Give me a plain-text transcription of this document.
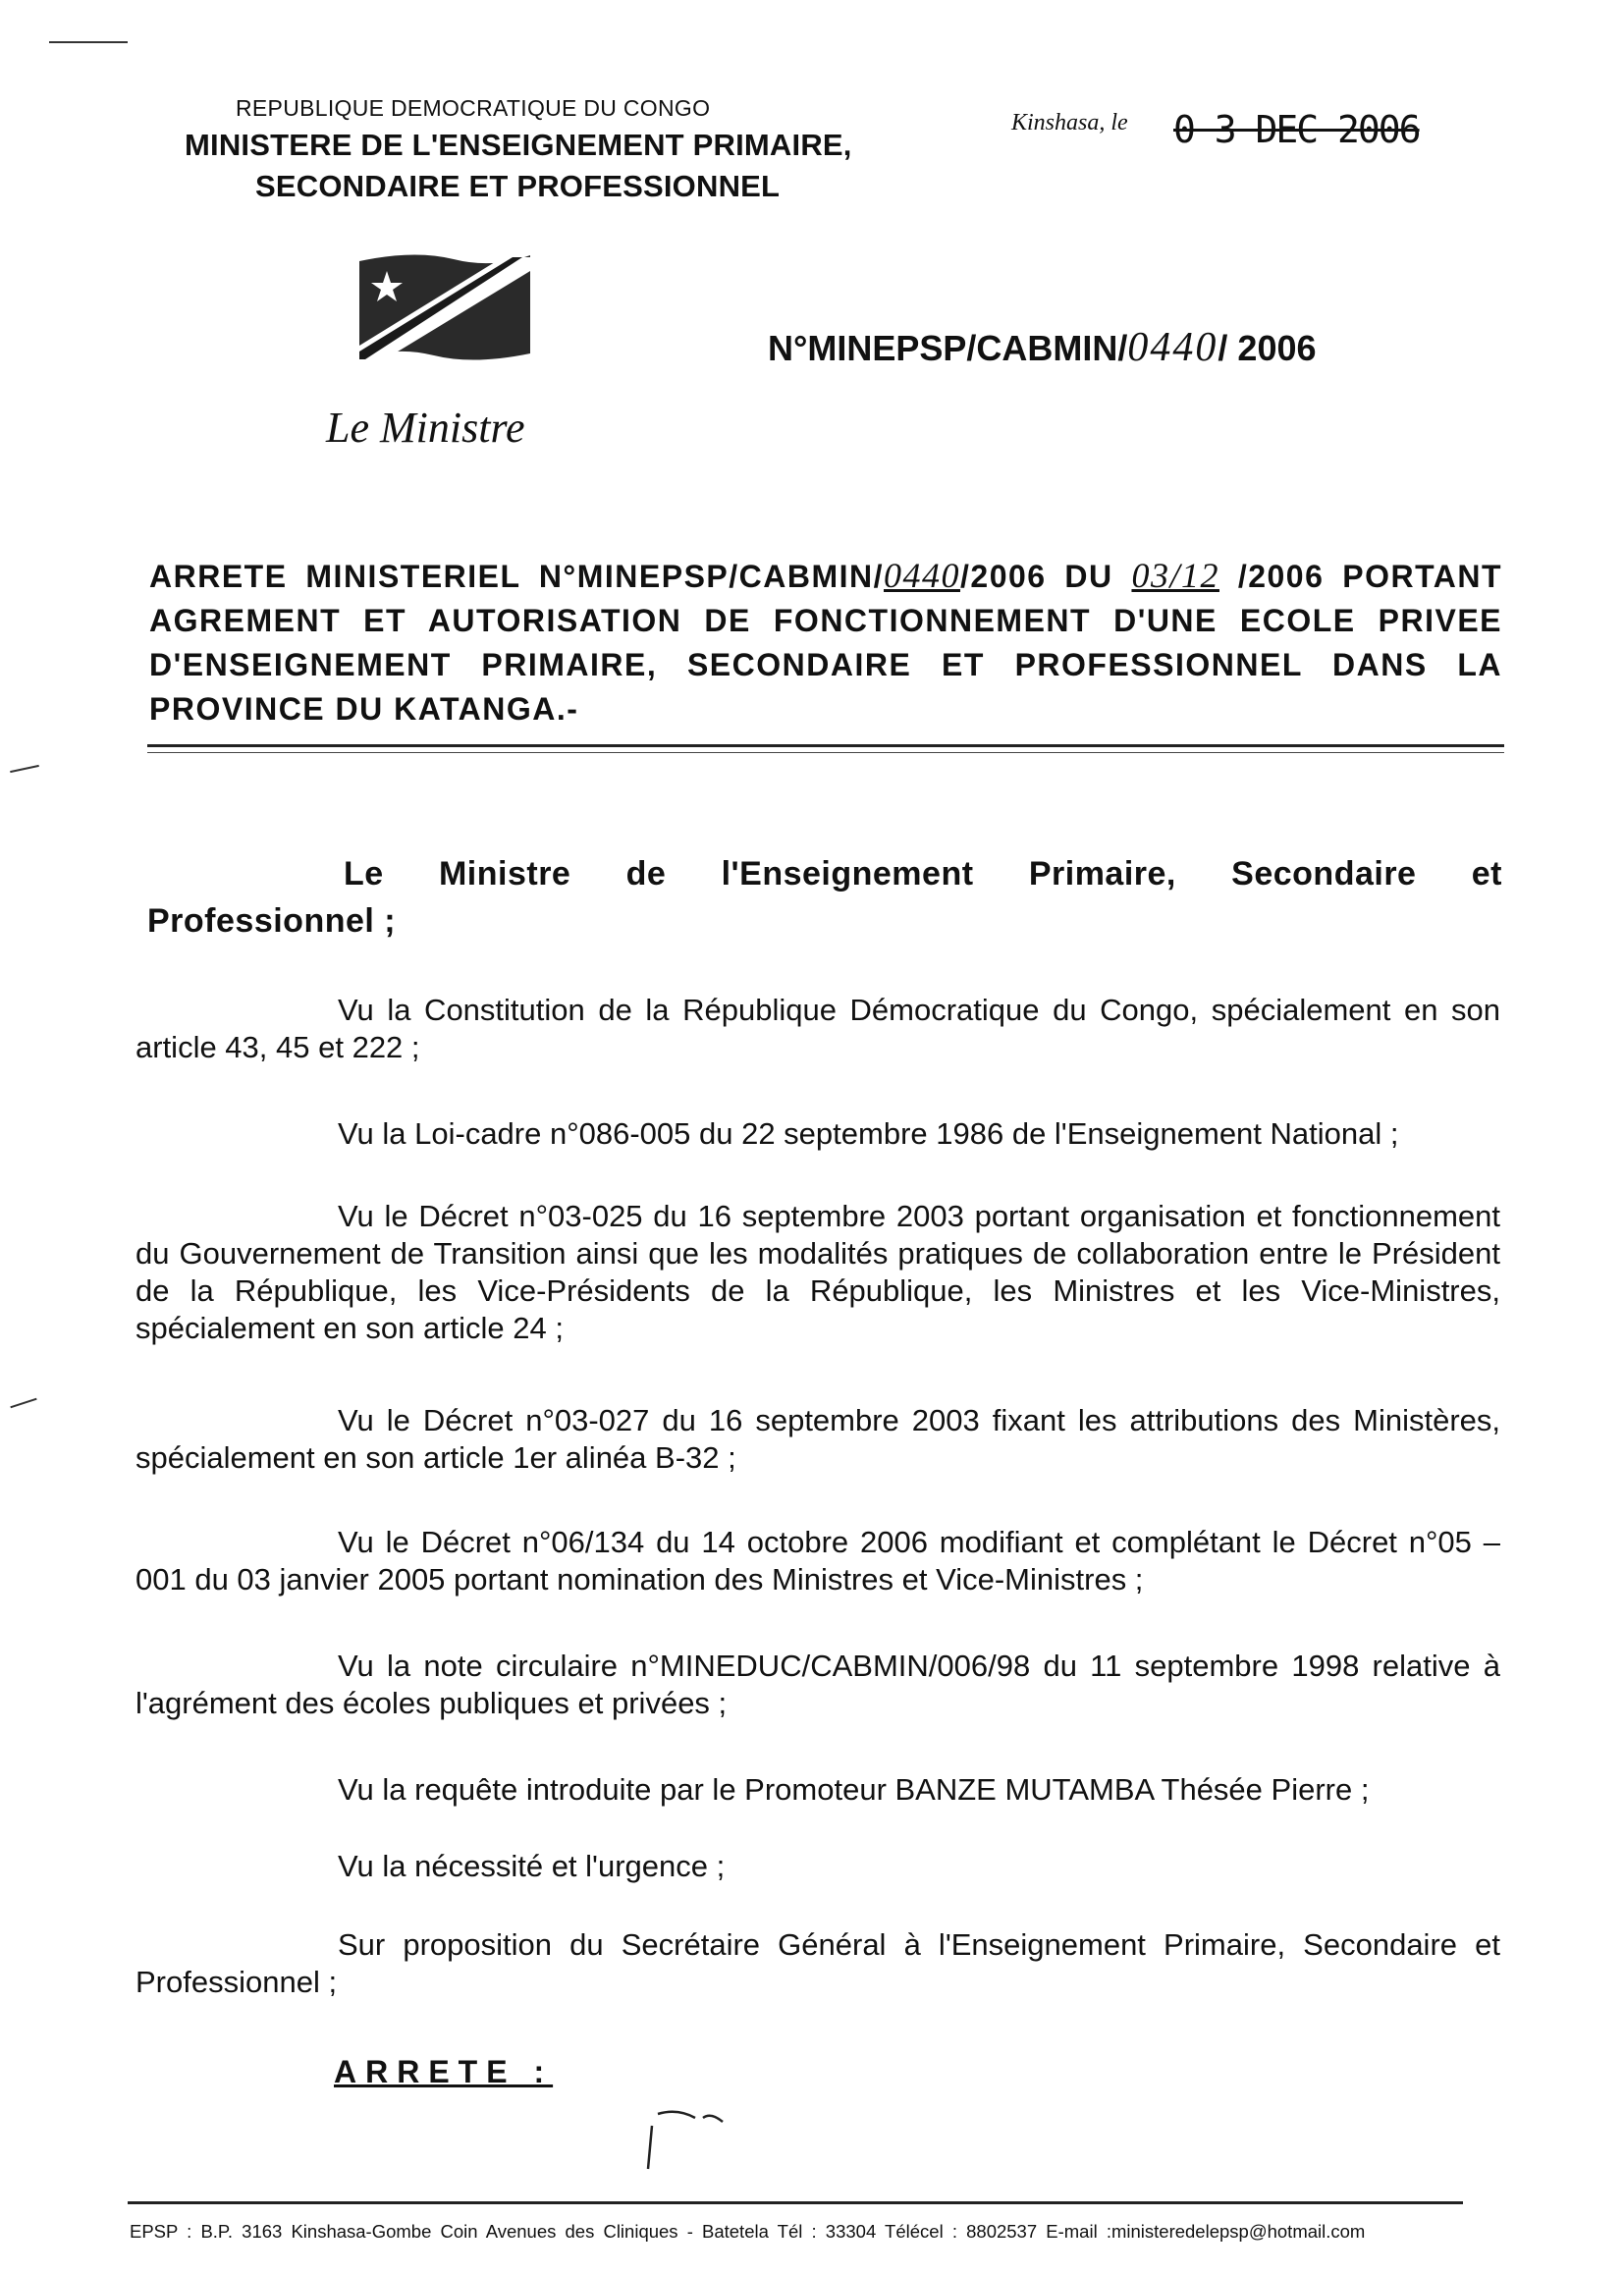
REPUBLIQUE DEMOCRATIQUE DU CONGO
MINISTERE DE L'ENSEIGNEMENT PRIMAIRE,
SECONDAIRE ET PROFESSIONNEL
Kinshasa, le 0 3 DEC 2006
N°MINEPSP/CABMIN/0440/ 2006
Le Ministre
ARRETE MINISTERIEL N°MINEPSP/CABMIN/0440/2006 DU 03/12 /2006 PORTANT AGREMENT ET AUTORISATION DE FONCTIONNEMENT D'UNE ECOLE PRIVEE D'ENSEIGNEMENT PRIMAIRE, SECONDAIRE ET PROFESSIONNEL DANS LA PROVINCE DU KATANGA.-
Le Ministre de l'Enseignement Primaire, Secondaire et
Professionnel ;
Vu la Constitution de la République Démocratique du Congo, spécialement en son article 43, 45 et 222 ;
Vu la Loi-cadre n°086-005 du 22 septembre 1986 de l'Enseignement National ;
Vu le Décret n°03-025 du 16 septembre 2003 portant organisation et fonctionnement du Gouvernement de Transition ainsi que les modalités pratiques de collaboration entre le Président de la République, les Vice-Présidents de la République, les Ministres et les Vice-Ministres, spécialement en son article 24 ;
Vu le Décret n°03-027 du 16 septembre 2003 fixant les attributions des Ministères, spécialement en son article 1er alinéa B-32 ;
Vu le Décret n°06/134 du 14 octobre 2006 modifiant et complétant le Décret n°05 – 001 du 03 janvier 2005 portant nomination des Ministres et Vice-Ministres ;
Vu la note circulaire n°MINEDUC/CABMIN/006/98 du 11 septembre 1998 relative à l'agrément des écoles publiques et privées ;
Vu la requête introduite par le Promoteur BANZE MUTAMBA Thésée Pierre ;
Vu la nécessité et l'urgence ;
Sur proposition du Secrétaire Général à l'Enseignement Primaire, Secondaire et Professionnel ;
ARRETE :
EPSP : B.P. 3163 Kinshasa-Gombe Coin Avenues des Cliniques - Batetela Tél : 33304 Télécel : 8802537 E-mail :ministeredelepsp@hotmail.com
